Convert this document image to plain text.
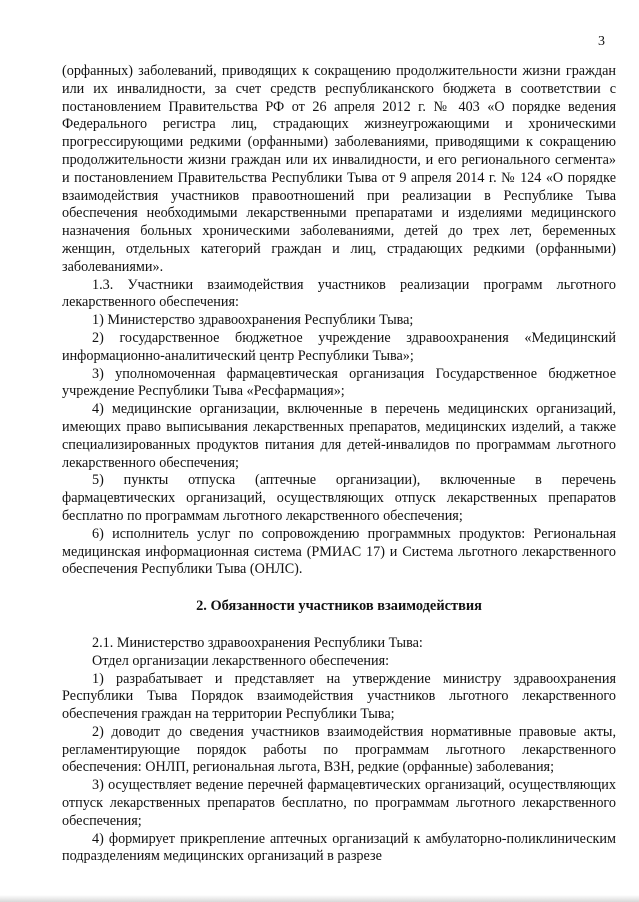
3

(орфанных) заболеваний, приводящих к сокращению продолжительности жизни граждан или их инвалидности, за счет средств республиканского бюджета в соответствии с постановлением Правительства РФ от 26 апреля 2012 г. № 403 «О порядке ведения Федерального регистра лиц, страдающих жизнеугрожающими и хроническими прогрессирующими редкими (орфанными) заболеваниями, приводящими к сокращению продолжительности жизни граждан или их инвалидности, и его регионального сегмента» и постановлением Правительства Республики Тыва от 9 апреля 2014 г. № 124 «О порядке взаимодействия участников правоотношений при реализации в Республике Тыва обеспечения необходимыми лекарственными препаратами и изделиями медицинского назначения больных хроническими заболеваниями, детей до трех лет, беременных женщин, отдельных категорий граждан и лиц, страдающих редкими (орфанными) заболеваниями».

1.3. Участники взаимодействия участников реализации программ льготного лекарственного обеспечения:

1) Министерство здравоохранения Республики Тыва;

2) государственное бюджетное учреждение здравоохранения «Медицинский информационно-аналитический центр Республики Тыва»;

3) уполномоченная фармацевтическая организация Государственное бюджетное учреждение Республики Тыва «Ресфармация»;

4) медицинские организации, включенные в перечень медицинских организаций, имеющих право выписывания лекарственных препаратов, медицинских изделий, а также специализированных продуктов питания для детей-инвалидов по программам льготного лекарственного обеспечения;

5) пункты отпуска (аптечные организации), включенные в перечень фармацевтических организаций, осуществляющих отпуск лекарственных препаратов бесплатно по программам льготного лекарственного обеспечения;

6) исполнитель услуг по сопровождению программных продуктов: Региональная медицинская информационная система (РМИАС 17) и Система льготного лекарственного обеспечения Республики Тыва (ОНЛС).

2. Обязанности участников взаимодействия

2.1. Министерство здравоохранения Республики Тыва:

Отдел организации лекарственного обеспечения:

1) разрабатывает и представляет на утверждение министру здравоохранения Республики Тыва Порядок взаимодействия участников льготного лекарственного обеспечения граждан на территории Республики Тыва;

2) доводит до сведения участников взаимодействия нормативные правовые акты, регламентирующие порядок работы по программам льготного лекарственного обеспечения: ОНЛП, региональная льгота, ВЗН, редкие (орфанные) заболевания;

3) осуществляет ведение перечней фармацевтических организаций, осуществляющих отпуск лекарственных препаратов бесплатно, по программам льготного лекарственного обеспечения;

4) формирует прикрепление аптечных организаций к амбулаторно-поликлиническим подразделениям медицинских организаций в разрезе
